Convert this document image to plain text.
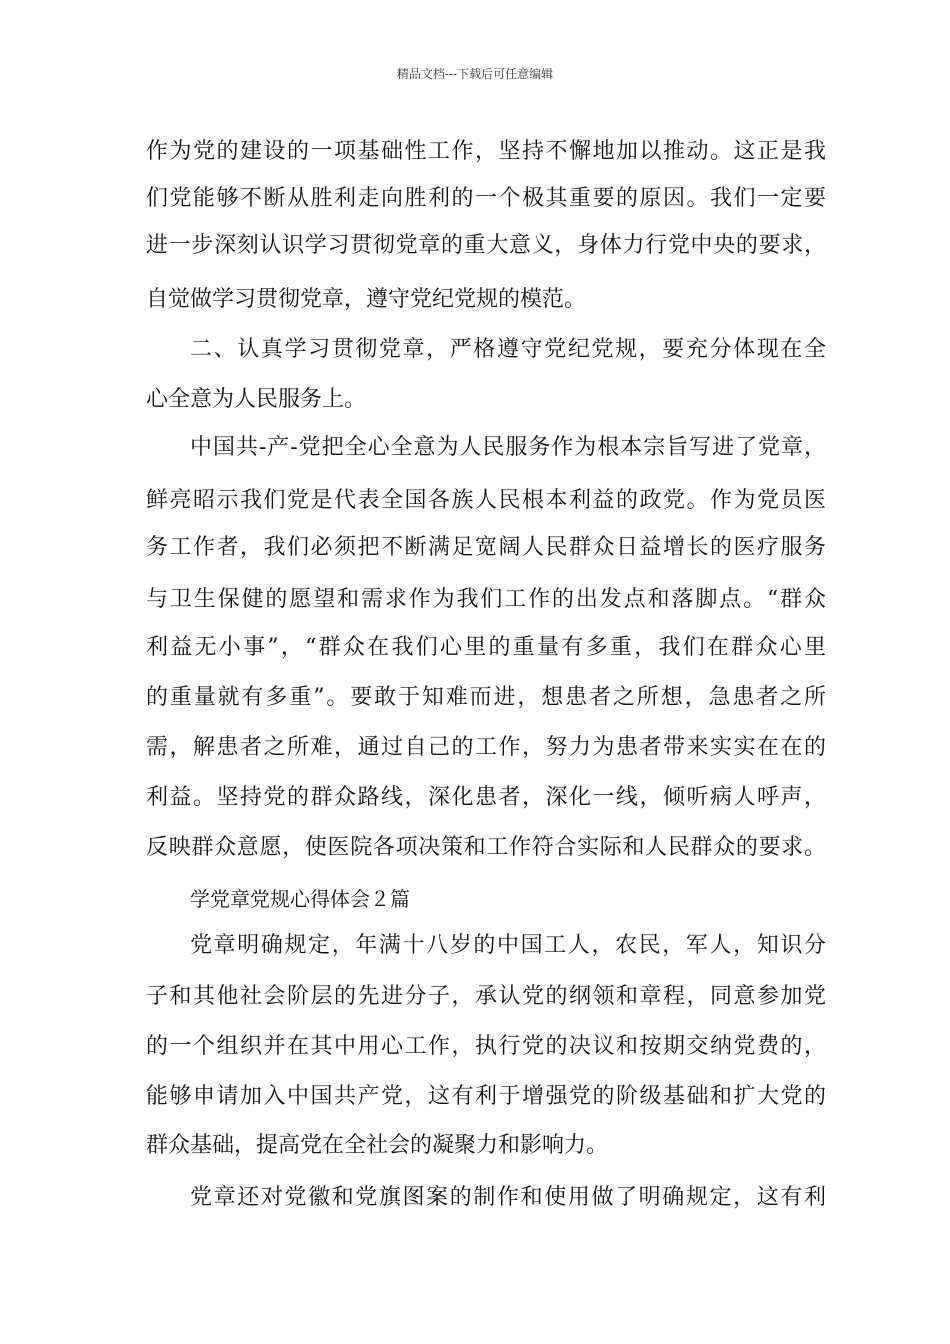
精品文档---下载后可任意编辑
作为党的建设的一项基础性工作，坚持不懈地加以推动。这正是我
们党能够不断从胜利走向胜利的一个极其重要的原因。我们一定要
进一步深刻认识学习贯彻党章的重大意义，身体力行党中央的要求，
自觉做学习贯彻党章，遵守党纪党规的模范。
二、认真学习贯彻党章，严格遵守党纪党规，要充分体现在全
心全意为人民服务上。
中国共-产-党把全心全意为人民服务作为根本宗旨写进了党章，
鲜亮昭示我们党是代表全国各族人民根本利益的政党。作为党员医
务工作者，我们必须把不断满足宽阔人民群众日益增长的医疗服务
与卫生保健的愿望和需求作为我们工作的出发点和落脚点。“群众
利益无小事”，“群众在我们心里的重量有多重，我们在群众心里
的重量就有多重”。要敢于知难而进，想患者之所想，急患者之所
需，解患者之所难，通过自己的工作，努力为患者带来实实在在的
利益。坚持党的群众路线，深化患者，深化一线，倾听病人呼声，
反映群众意愿，使医院各项决策和工作符合实际和人民群众的要求。
学党章党规心得体会２篇
党章明确规定，年满十八岁的中国工人，农民，军人，知识分
子和其他社会阶层的先进分子，承认党的纲领和章程，同意参加党
的一个组织并在其中用心工作，执行党的决议和按期交纳党费的，
能够申请加入中国共产党，这有利于增强党的阶级基础和扩大党的
群众基础，提高党在全社会的凝聚力和影响力。
党章还对党徽和党旗图案的制作和使用做了明确规定，这有利
